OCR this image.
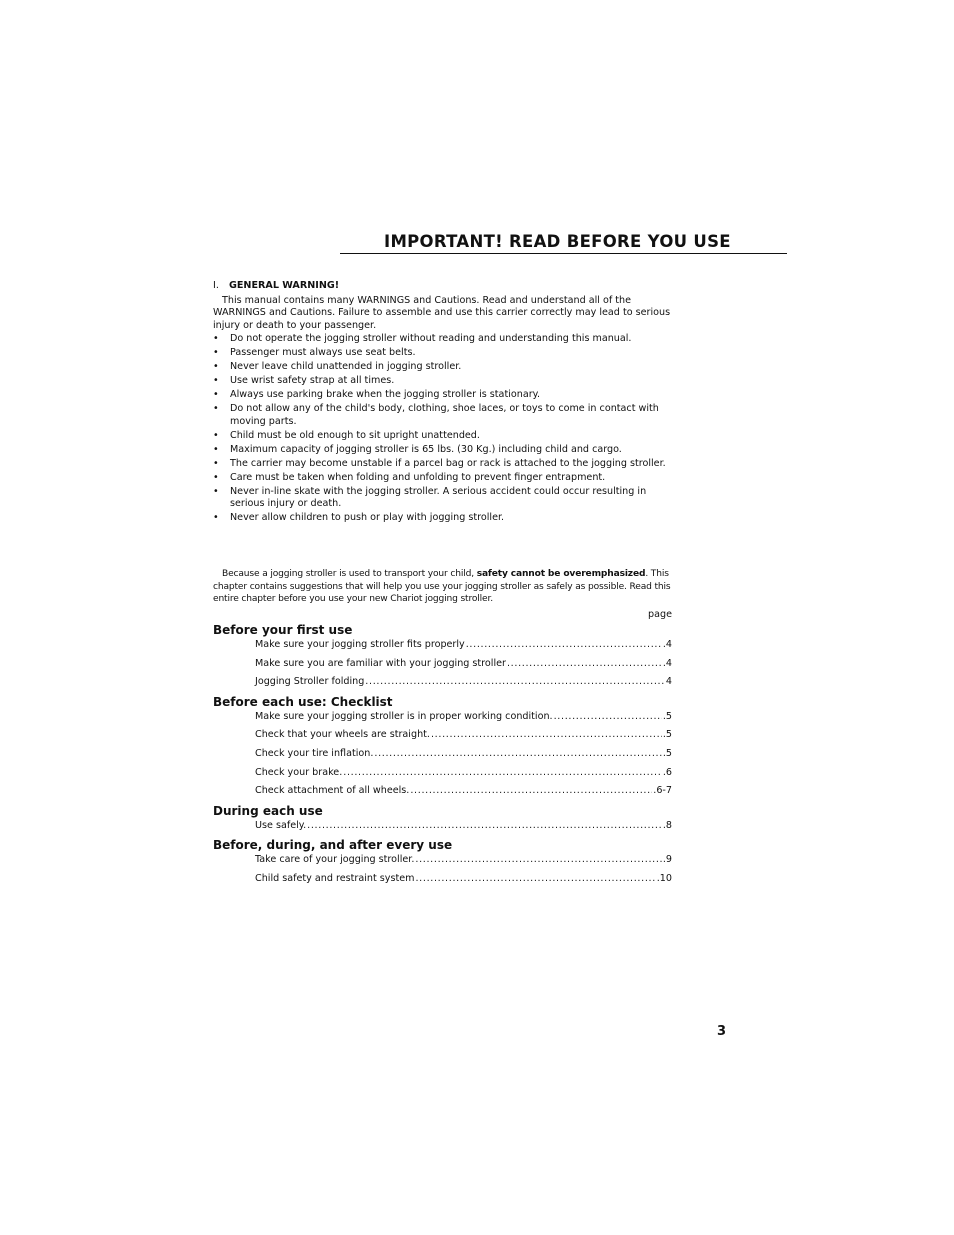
IMPORTANT! READ BEFORE YOU USE
I. GENERAL WARNING!

This manual contains many WARNINGS and Cautions. Read and understand all of the WARNINGS and Cautions. Failure to assemble and use this carrier correctly may lead to serious injury or death to your passenger.

• Do not operate the jogging stroller without reading and understanding this manual.
• Passenger must always use seat belts.
• Never leave child unattended in jogging stroller.
• Use wrist safety strap at all times.
• Always use parking brake when the jogging stroller is stationary.
• Do not allow any of the child's body, clothing, shoe laces, or toys to come in contact with moving parts.
• Child must be old enough to sit upright unattended.
• Maximum capacity of jogging stroller is 65 lbs. (30 Kg.) including child and cargo.
• The carrier may become unstable if a parcel bag or rack is attached to the jogging stroller.
• Care must be taken when folding and unfolding to prevent finger entrapment.
• Never in-line skate with the jogging stroller. A serious accident could occur resulting in serious injury or death.
• Never allow children to push or play with jogging stroller.
Because a jogging stroller is used to transport your child, safety cannot be overemphasized. This chapter contains suggestions that will help you use your jogging stroller as safely as possible. Read this entire chapter before you use your new Chariot jogging stroller.
page
Before your first use
Make sure your jogging stroller fits properly . . .	.4
Make sure you are familiar with your jogging stroller . . .	.4
Jogging Stroller folding . . .	4
Before each use: Checklist
Make sure your jogging stroller is in proper working condition. . . .	.5
Check that your wheels are straight. . . .	.5
Check your tire inflation. . . .	.5
Check your brake. . . .	.6
Check attachment of all wheels. . . .	.6-7
During each use
Use safely. . . .	.8
Before, during, and after every use
Take care of your jogging stroller. . . .	.9
Child safety and restraint system . . .	.10
3
